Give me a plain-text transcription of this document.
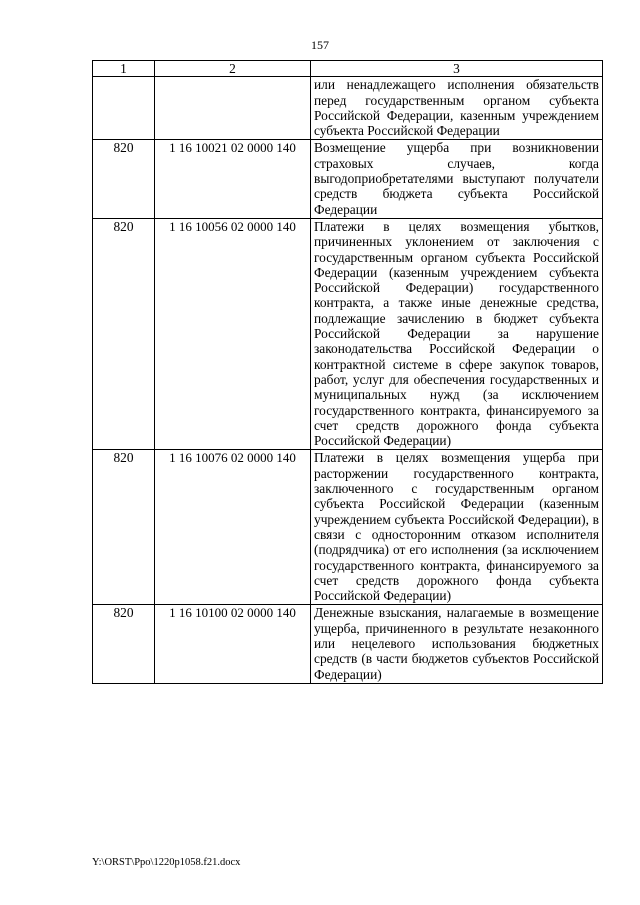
157
1	2	3
		или ненадлежащего исполнения обязательств перед государственным органом субъекта Российской Федерации, казенным учреждением субъекта Российской Федерации
820	1 16 10021 02 0000 140	Возмещение ущерба при возникновении страховых случаев, когда выгодоприобретателями выступают получатели средств бюджета субъекта Российской Федерации
820	1 16 10056 02 0000 140	Платежи в целях возмещения убытков, причиненных уклонением от заключения с государственным органом субъекта Российской Федерации (казенным учреждением субъекта Российской Федерации) государственного контракта, а также иные денежные средства, подлежащие зачислению в бюджет субъекта Российской Федерации за нарушение законодательства Российской Федерации о контрактной системе в сфере закупок товаров, работ, услуг для обеспечения государственных и муниципальных нужд (за исключением государственного контракта, финансируемого за счет средств дорожного фонда субъекта Российской Федерации)
820	1 16 10076 02 0000 140	Платежи в целях возмещения ущерба при расторжении государственного контракта, заключенного с государственным органом субъекта Российской Федерации (казенным учреждением субъекта Российской Федерации), в связи с односторонним отказом исполнителя (подрядчика) от его исполнения (за исключением государственного контракта, финансируемого за счет средств дорожного фонда субъекта Российской Федерации)
820	1 16 10100 02 0000 140	Денежные взыскания, налагаемые в возмещение ущерба, причиненного в результате незаконного или нецелевого использования бюджетных средств (в части бюджетов субъектов Российской Федерации)
Y:\ORST\Ppo\1220p1058.f21.docx
